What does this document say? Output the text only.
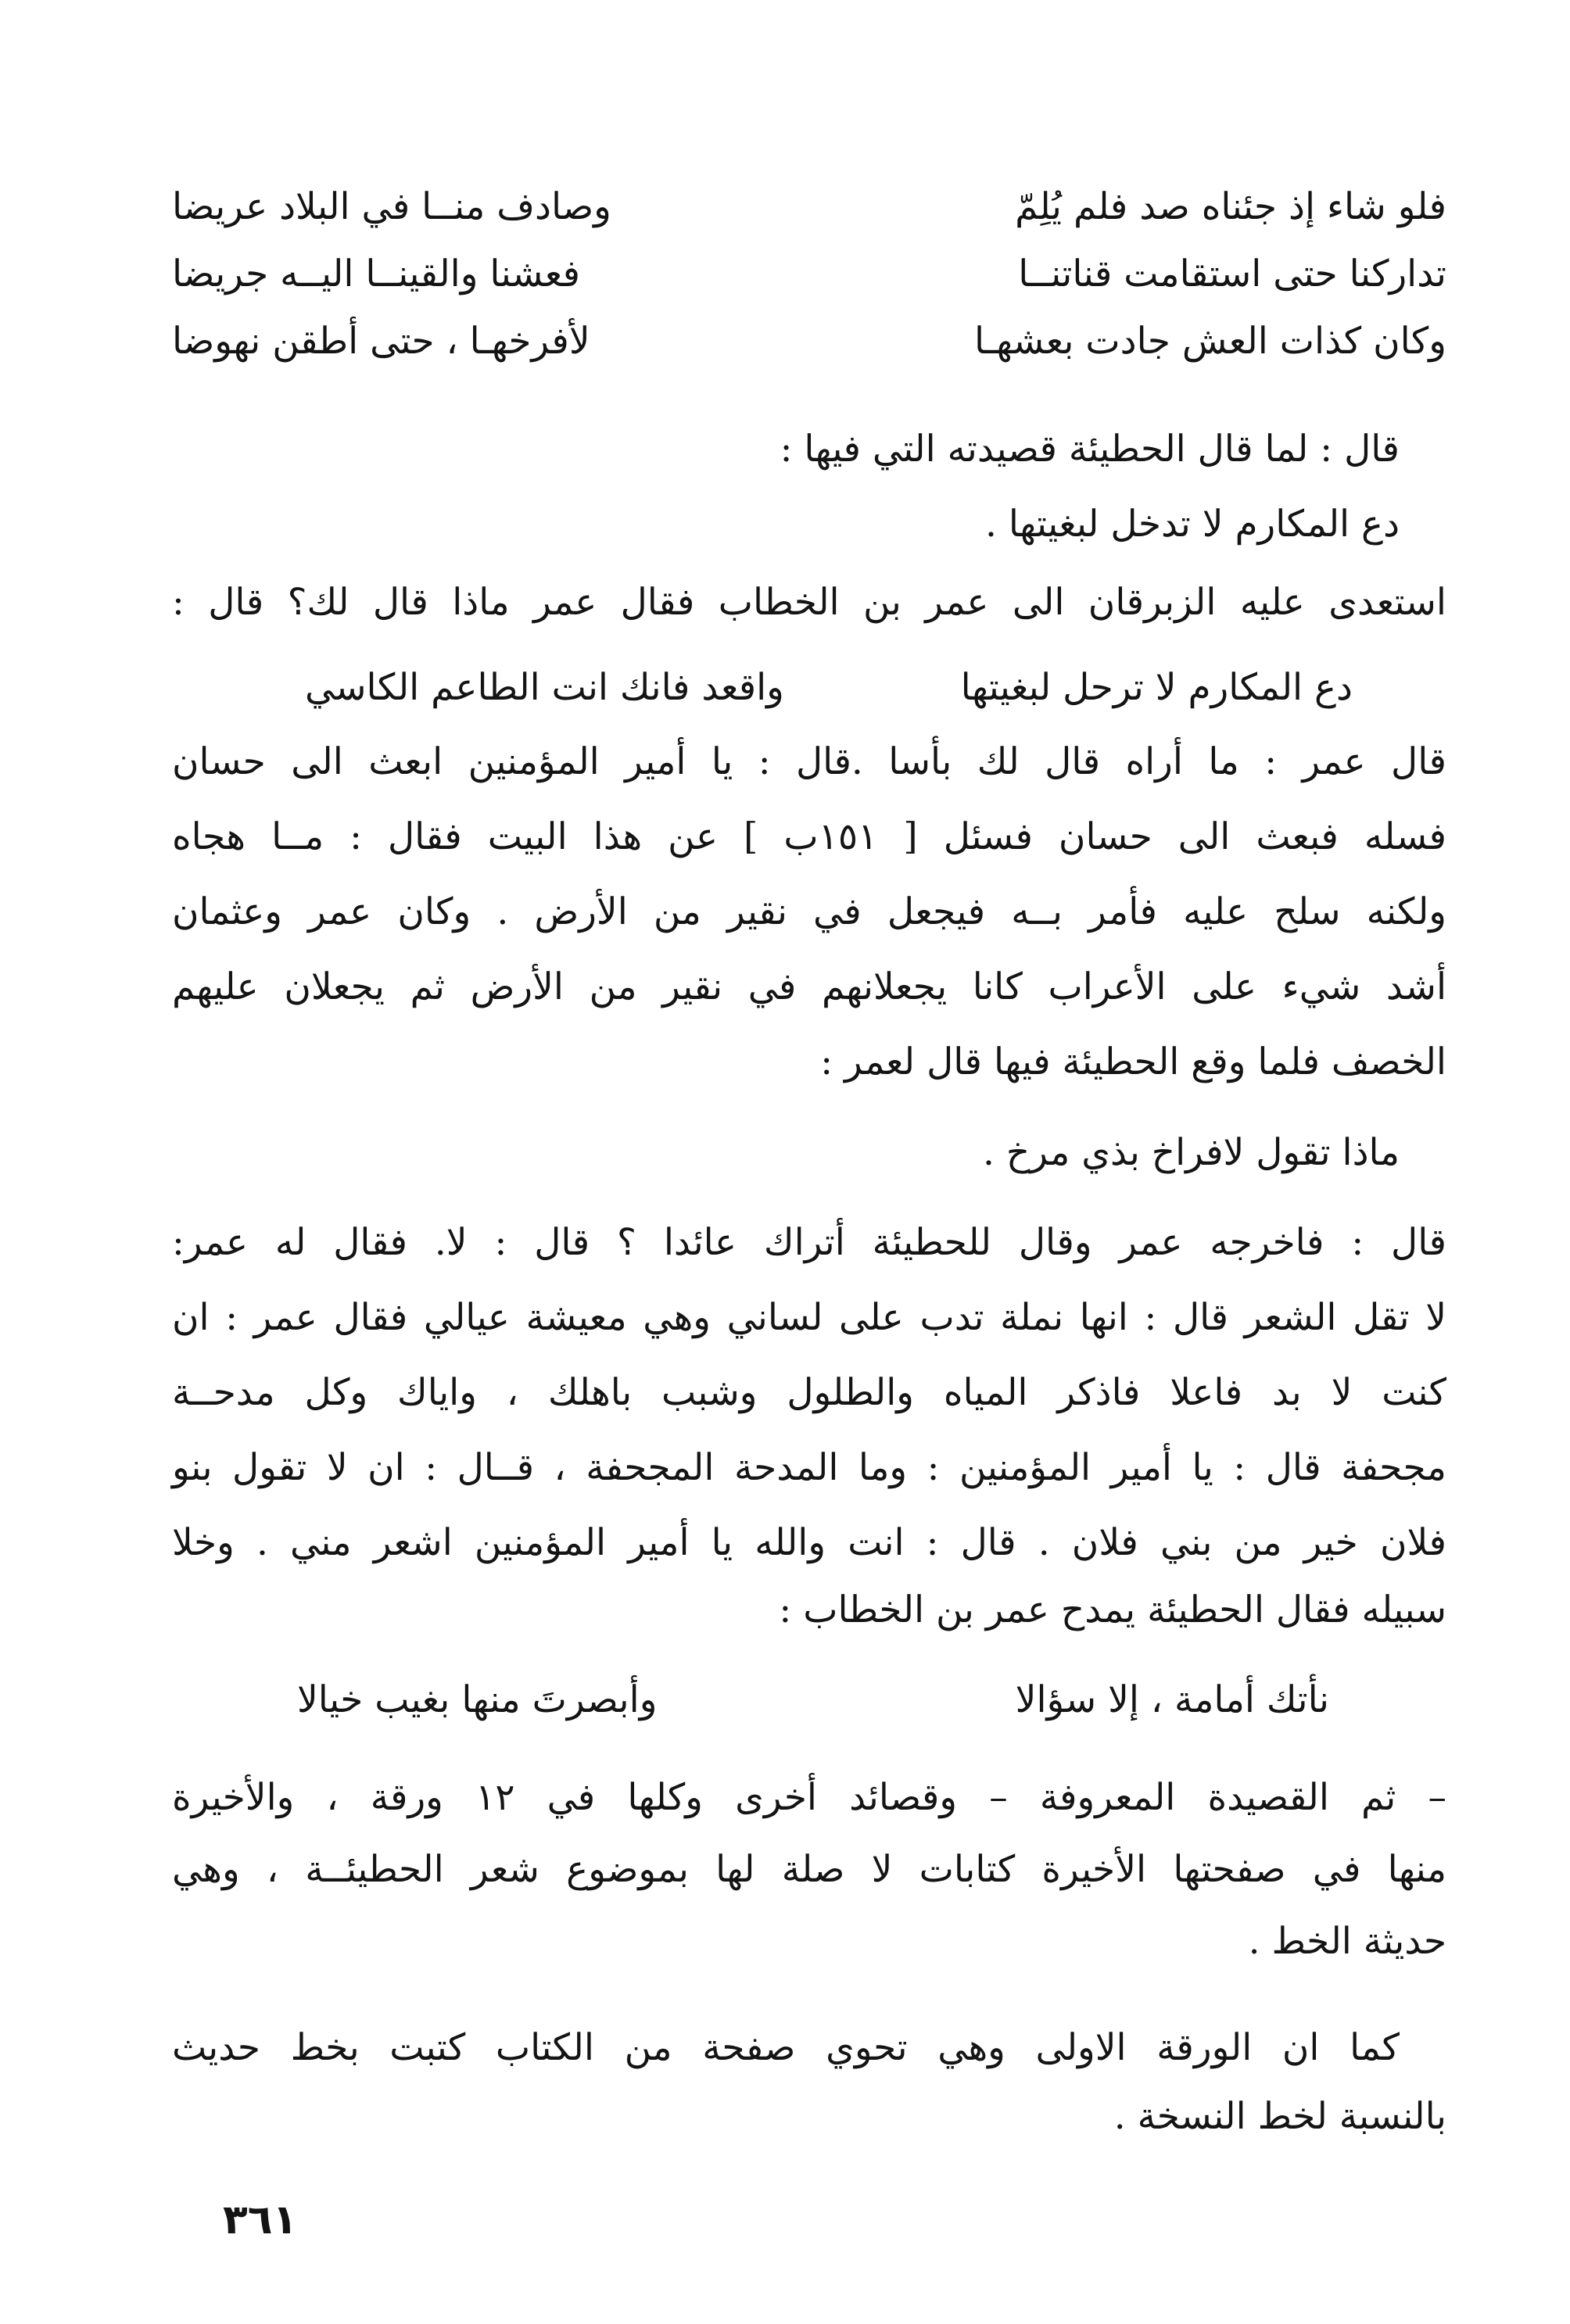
فلو شاء إذ جئناه صد فلم يُلِمّ
وصادف منــا في البلاد عريضا
تداركنا حتى استقامت قناتنــا
فعشنا والقينــا اليــه جريضا
وكان كذات العش جادت بعشهـا
لأفرخهـا ، حتى أطقن نهوضا
قال : لما قال الحطيئة قصيدته التي فيها :
دع المكارم لا تدخل لبغيتها .
استعدى عليه الزبرقان الى عمر بن الخطاب فقال عمر ماذا قال لك؟ قال :
دع المكارم لا ترحل لبغيتها
واقعد فانك انت الطاعم الكاسي
قال عمر : ما أراه قال لك بأسا .قال : يا أمير المؤمنين ابعث الى حسان
فسله فبعث الى حسان فسئل [ ١٥١ب ] عن هذا البيت فقال : مــا هجاه
ولكنه سلح عليه فأمر بــه فيجعل في نقير من الأرض . وكان عمر وعثمان
أشد شيء على الأعراب كانا يجعلانهم في نقير من الأرض ثم يجعلان عليهم
الخصف فلما وقع الحطيئة فيها قال لعمر :
ماذا تقول لافراخ بذي مرخ .
قال : فاخرجه عمر وقال للحطيئة أتراك عائدا ؟ قال : لا. فقال له عمر:
لا تقل الشعر قال : انها نملة تدب على لساني وهي معيشة عيالي فقال عمر : ان
كنت لا بد فاعلا فاذكر المياه والطلول وشبب باهلك ، واياك وكل مدحــة
مجحفة قال : يا أمير المؤمنين : وما المدحة المجحفة ، قــال : ان لا تقول بنو
فلان خير من بني فلان . قال : انت والله يا أمير المؤمنين اشعر مني . وخلا
سبيله فقال الحطيئة يمدح عمر بن الخطاب :
نأتك أمامة ، إلا سؤالا
وأبصرتَ منها بغيب خيالا
– ثم القصيدة المعروفة – وقصائد أخرى وكلها في ١٢ ورقة ، والأخيرة
منها في صفحتها الأخيرة كتابات لا صلة لها بموضوع شعر الحطيئــة ، وهي
حديثة الخط .
كما ان الورقة الاولى وهي تحوي صفحة من الكتاب كتبت بخط حديث
بالنسبة لخط النسخة .
٣٦١
